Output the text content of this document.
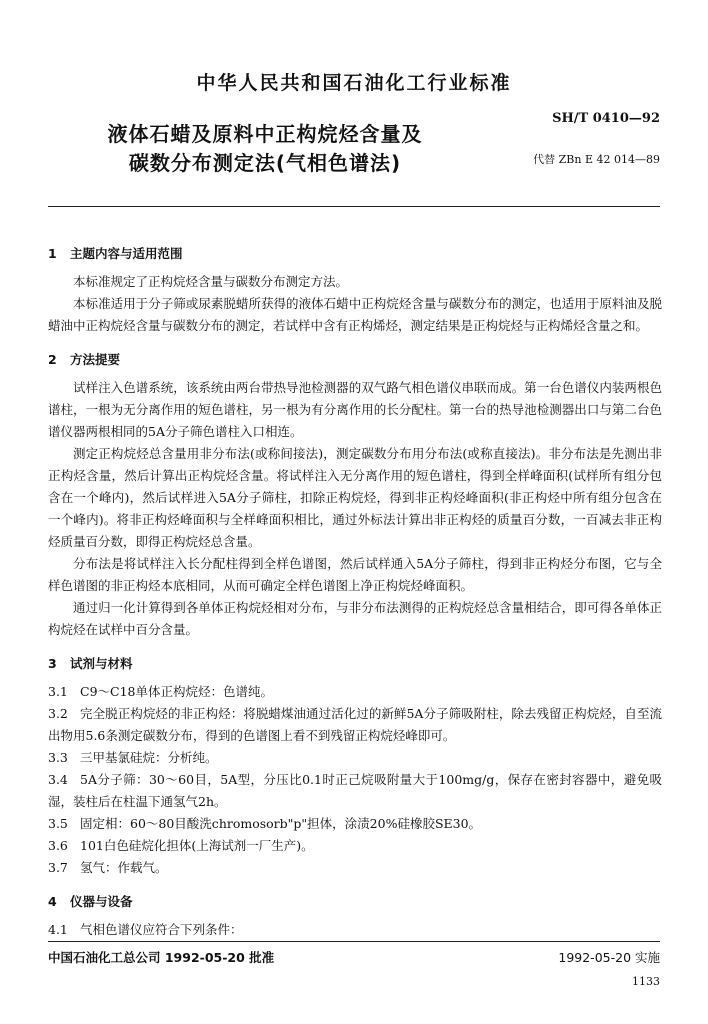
中华人民共和国石油化工行业标准
SH/T 0410—92
液体石蜡及原料中正构烷烃含量及
碳数分布测定法(气相色谱法)	代替 ZBn E 42 014—89
1 主题内容与适用范围

本标准规定了正构烷烃含量与碳数分布测定方法。

本标准适用于分子筛或尿素脱蜡所获得的液体石蜡中正构烷烃含量与碳数分布的测定，也适用于原料油及脱蜡油中正构烷烃含量与碳数分布的测定，若试样中含有正构烯烃，测定结果是正构烷烃与正构烯烃含量之和。

2 方法提要

试样注入色谱系统，该系统由两台带热导池检测器的双气路气相色谱仪串联而成。第一台色谱仪内装两根色谱柱，一根为无分离作用的短色谱柱，另一根为有分离作用的长分配柱。第一台的热导池检测器出口与第二台色谱仪器两根相同的5A分子筛色谱柱入口相连。

测定正构烷烃总含量用非分布法(或称间接法)，测定碳数分布用分布法(或称直接法)。非分布法是先测出非正构烃含量，然后计算出正构烷烃含量。将试样注入无分离作用的短色谱柱，得到全样峰面积(试样所有组分包含在一个峰内)，然后试样进入5A分子筛柱，扣除正构烷烃，得到非正构烃峰面积(非正构烃中所有组分包含在一个峰内)。将非正构烃峰面积与全样峰面积相比，通过外标法计算出非正构烃的质量百分数，一百减去非正构烃质量百分数，即得正构烷烃总含量。

分布法是将试样注入长分配柱得到全样色谱图，然后试样通入5A分子筛柱，得到非正构烃分布图，它与全样色谱图的非正构烃本底相同，从而可确定全样色谱图上净正构烷烃峰面积。

通过归一化计算得到各单体正构烷烃相对分布，与非分布法测得的正构烷烃总含量相结合，即可得各单体正构烷烃在试样中百分含量。

3 试剂与材料

3.1 C9～C18单体正构烷烃：色谱纯。

3.2 完全脱正构烷烃的非正构烃：将脱蜡煤油通过活化过的新鲜5A分子筛吸附柱，除去残留正构烷烃，自至流出物用5.6条测定碳数分布，得到的色谱图上看不到残留正构烷烃峰即可。

3.3 三甲基氯硅烷：分析纯。

3.4 5A分子筛：30～60目，5A型，分压比0.1时正己烷吸附量大于100mg/g，保存在密封容器中，避免吸湿，装柱后在柱温下通氢气2h。

3.5 固定相：60～80目酸洗chromosorb"p"担体，涂渍20%硅橡胶SE30。

3.6 101白色硅烷化担体(上海试剂一厂生产)。

3.7 氢气：作载气。

4 仪器与设备

4.1 气相色谱仪应符合下列条件：

中国石油化工总公司 1992-05-20 批准	1992-05-20 实施
1133
